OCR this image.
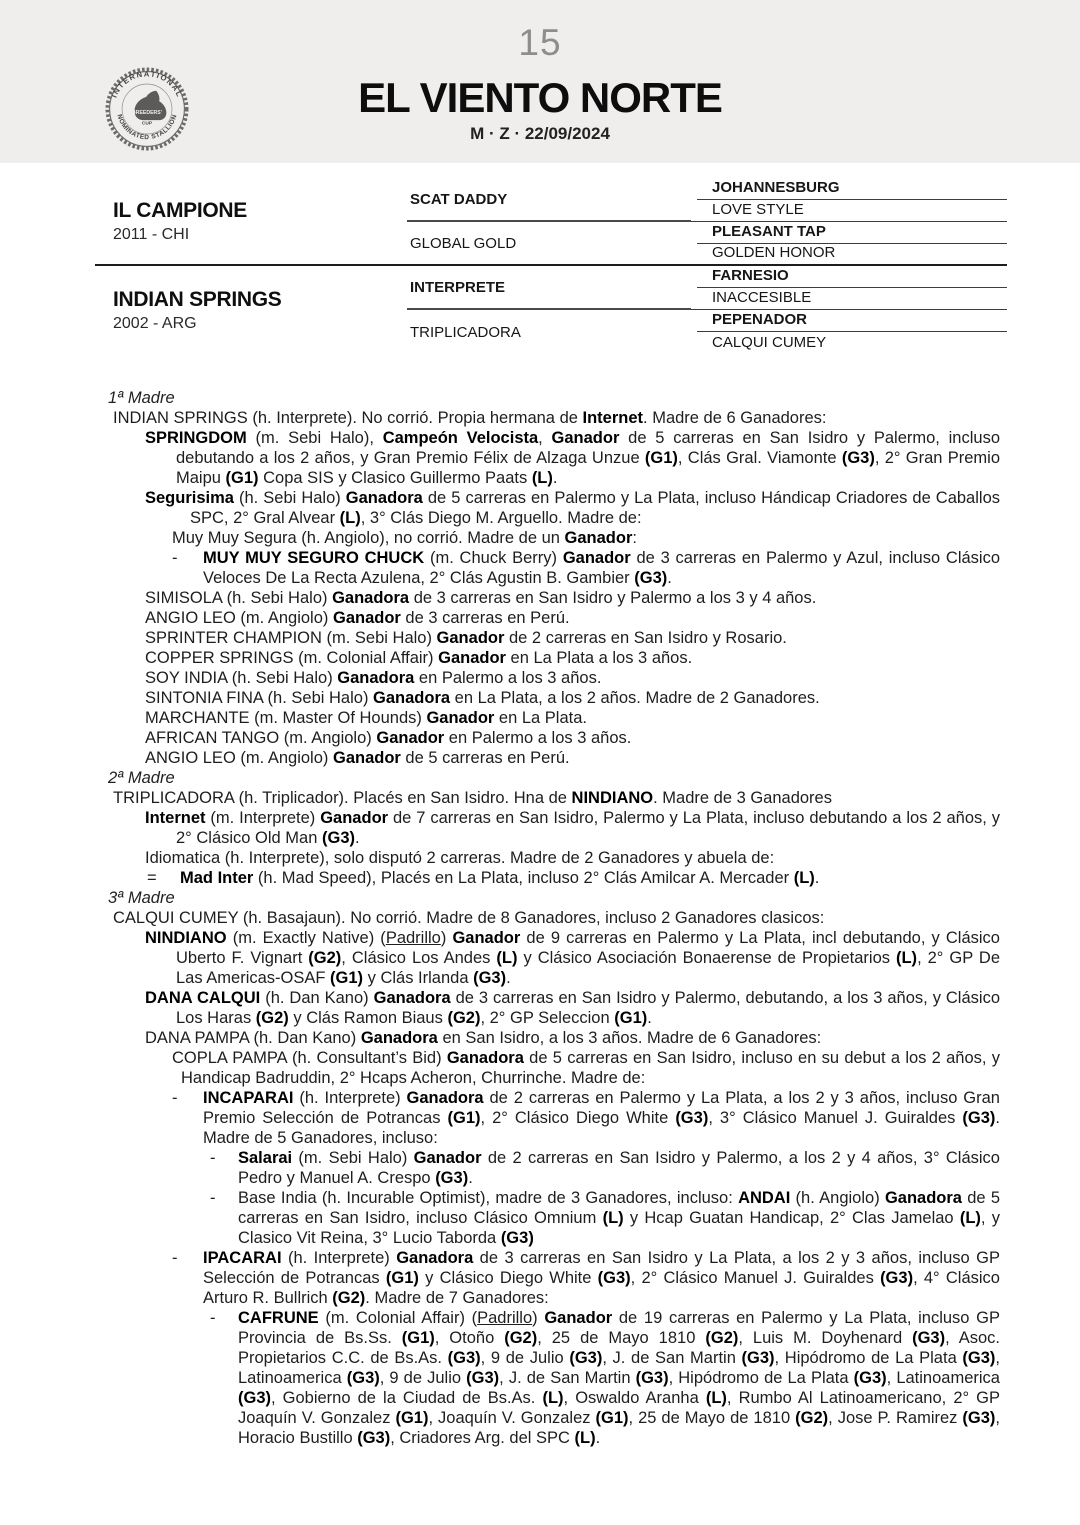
15
EL VIENTO NORTE
M · Z · 22/09/2024
INTERNATIONAL
NOMINATED STALLION
BREEDERS'
CUP
IL CAMPIONE
2011 - CHI
INDIAN SPRINGS
2002 - ARG
SCAT DADDY
GLOBAL GOLD
INTERPRETE
TRIPLICADORA
JOHANNESBURG
LOVE STYLE
PLEASANT TAP
GOLDEN HONOR
FARNESIO
INACCESIBLE
PEPENADOR
CALQUI CUMEY

1ª Madre

INDIAN SPRINGS (h. Interprete). No corrió. Propia hermana de Internet. Madre de 6 Ganadores:

SPRINGDOM (m. Sebi Halo), Campeón Velocista, Ganador de 5 carreras en San Isidro y Palermo, incluso debutando a los 2 años, y Gran Premio Félix de Alzaga Unzue (G1), Clás Gral. Viamonte (G3), 2° Gran Premio Maipu (G1) Copa SIS y Clasico Guillermo Paats (L).

Segurisima (h. Sebi Halo) Ganadora de 5 carreras en Palermo y La Plata, incluso Hándicap Criadores de Caballos SPC, 2° Gral Alvear (L), 3° Clás Diego M. Arguello. Madre de:

Muy Muy Segura (h. Angiolo), no corrió. Madre de un Ganador:

- MUY MUY SEGURO CHUCK (m. Chuck Berry) Ganador de 3 carreras en Palermo y Azul, incluso Clásico Veloces De La Recta Azulena, 2° Clás Agustin B. Gambier (G3).

SIMISOLA (h. Sebi Halo) Ganadora de 3 carreras en San Isidro y Palermo a los 3 y 4 años.

ANGIO LEO (m. Angiolo) Ganador de 3 carreras en Perú.

SPRINTER CHAMPION (m. Sebi Halo) Ganador de 2 carreras en San Isidro y Rosario.

COPPER SPRINGS (m. Colonial Affair) Ganador en La Plata a los 3 años.

SOY INDIA (h. Sebi Halo) Ganadora en Palermo a los 3 años.

SINTONIA FINA (h. Sebi Halo) Ganadora en La Plata, a los 2 años. Madre de 2 Ganadores.

MARCHANTE (m. Master Of Hounds) Ganador en La Plata.

AFRICAN TANGO (m. Angiolo) Ganador en Palermo a los 3 años.

ANGIO LEO (m. Angiolo) Ganador de 5 carreras en Perú.

2ª Madre

TRIPLICADORA (h. Triplicador). Placés en San Isidro. Hna de NINDIANO. Madre de 3 Ganadores

Internet (m. Interprete) Ganador de 7 carreras en San Isidro, Palermo y La Plata, incluso debutando a los 2 años, y 2° Clásico Old Man (G3).

Idiomatica (h. Interprete), solo disputó 2 carreras. Madre de 2 Ganadores y abuela de:

= Mad Inter (h. Mad Speed), Placés en La Plata, incluso 2° Clás Amilcar A. Mercader (L).

3ª Madre

CALQUI CUMEY (h. Basajaun). No corrió. Madre de 8 Ganadores, incluso 2 Ganadores clasicos:

NINDIANO (m. Exactly Native) (Padrillo) Ganador de 9 carreras en Palermo y La Plata, incl debutando, y Clásico Uberto F. Vignart (G2), Clásico Los Andes (L) y Clásico Asociación Bonaerense de Propietarios (L), 2° GP De Las Americas-OSAF (G1) y Clás Irlanda (G3).

DANA CALQUI (h. Dan Kano) Ganadora de 3 carreras en San Isidro y Palermo, debutando, a los 3 años, y Clásico Los Haras (G2) y Clás Ramon Biaus (G2), 2° GP Seleccion (G1).

DANA PAMPA (h. Dan Kano) Ganadora en San Isidro, a los 3 años. Madre de 6 Ganadores:

COPLA PAMPA (h. Consultant’s Bid) Ganadora de 5 carreras en San Isidro, incluso en su debut a los 2 años, y Handicap Badruddin, 2° Hcaps Acheron, Churrinche. Madre de:

- INCAPARAI (h. Interprete) Ganadora de 2 carreras en Palermo y La Plata, a los 2 y 3 años, incluso Gran Premio Selección de Potrancas (G1), 2° Clásico Diego White (G3), 3° Clásico Manuel J. Guiraldes (G3). Madre de 5 Ganadores, incluso:

- Salarai (m. Sebi Halo) Ganador de 2 carreras en San Isidro y Palermo, a los 2 y 4 años, 3° Clásico Pedro y Manuel A. Crespo (G3).

- Base India (h. Incurable Optimist), madre de 3 Ganadores, incluso: ANDAI (h. Angiolo) Ganadora de 5 carreras en San Isidro, incluso Clásico Omnium (L) y Hcap Guatan Handicap, 2° Clas Jamelao (L), y Clasico Vit Reina, 3° Lucio Taborda (G3)

- IPACARAI (h. Interprete) Ganadora de 3 carreras en San Isidro y La Plata, a los 2 y 3 años, incluso GP Selección de Potrancas (G1) y Clásico Diego White (G3), 2° Clásico Manuel J. Guiraldes (G3), 4° Clásico Arturo R. Bullrich (G2). Madre de 7 Ganadores:

- CAFRUNE (m. Colonial Affair) (Padrillo) Ganador de 19 carreras en Palermo y La Plata, incluso GP Provincia de Bs.Ss. (G1), Otoño (G2), 25 de Mayo 1810 (G2), Luis M. Doyhenard (G3), Asoc. Propietarios C.C. de Bs.As. (G3), 9 de Julio (G3), J. de San Martin (G3), Hipódromo de La Plata (G3), Latinoamerica (G3), 9 de Julio (G3), J. de San Martin (G3), Hipódromo de La Plata (G3), Latinoamerica (G3), Gobierno de la Ciudad de Bs.As. (L), Oswaldo Aranha (L), Rumbo Al Latinoamericano, 2° GP Joaquín V. Gonzalez (G1), Joaquín V. Gonzalez (G1), 25 de Mayo de 1810 (G2), Jose P. Ramirez (G3), Horacio Bustillo (G3), Criadores Arg. del SPC (L).
